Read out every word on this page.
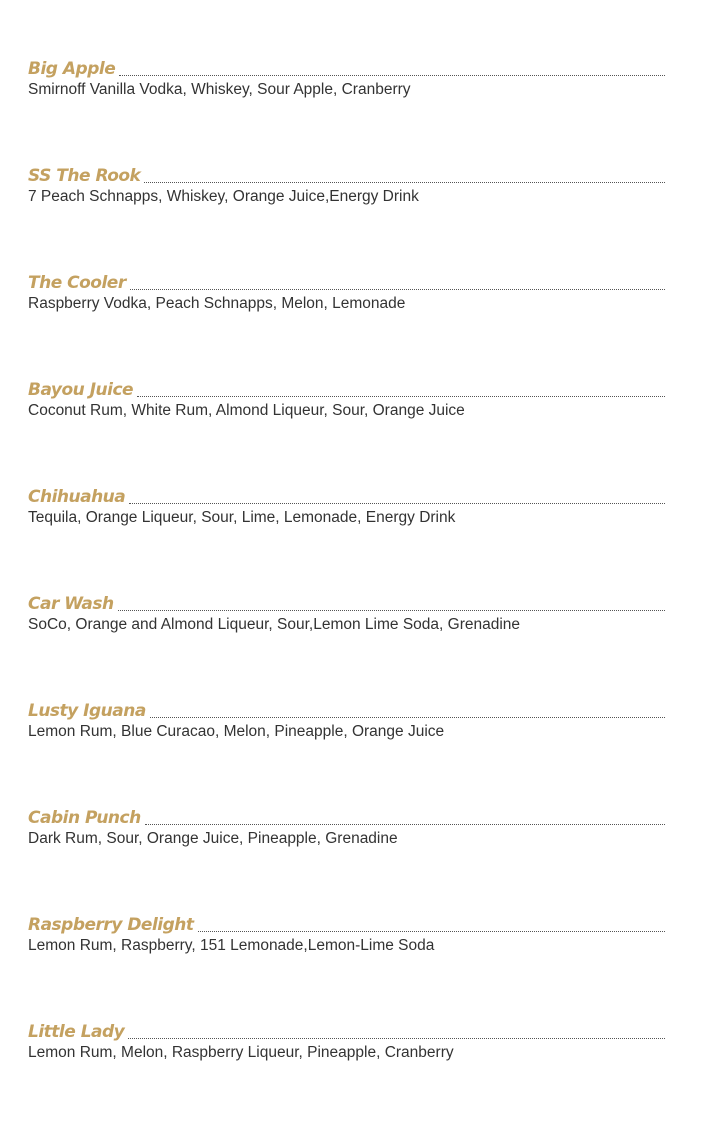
Big Apple
Smirnoff Vanilla Vodka, Whiskey, Sour Apple, Cranberry
SS The Rook
7 Peach Schnapps, Whiskey, Orange Juice,Energy Drink
The Cooler
Raspberry Vodka, Peach Schnapps, Melon, Lemonade
Bayou Juice
Coconut Rum, White Rum, Almond Liqueur, Sour, Orange Juice
Chihuahua
Tequila, Orange Liqueur, Sour, Lime, Lemonade, Energy Drink
Car Wash
SoCo, Orange and Almond Liqueur, Sour,Lemon Lime Soda, Grenadine
Lusty Iguana
Lemon Rum, Blue Curacao, Melon, Pineapple, Orange Juice
Cabin Punch
Dark Rum, Sour, Orange Juice, Pineapple, Grenadine
Raspberry Delight
Lemon Rum, Raspberry, 151 Lemonade,Lemon-Lime Soda
Little Lady
Lemon Rum, Melon, Raspberry Liqueur, Pineapple, Cranberry
